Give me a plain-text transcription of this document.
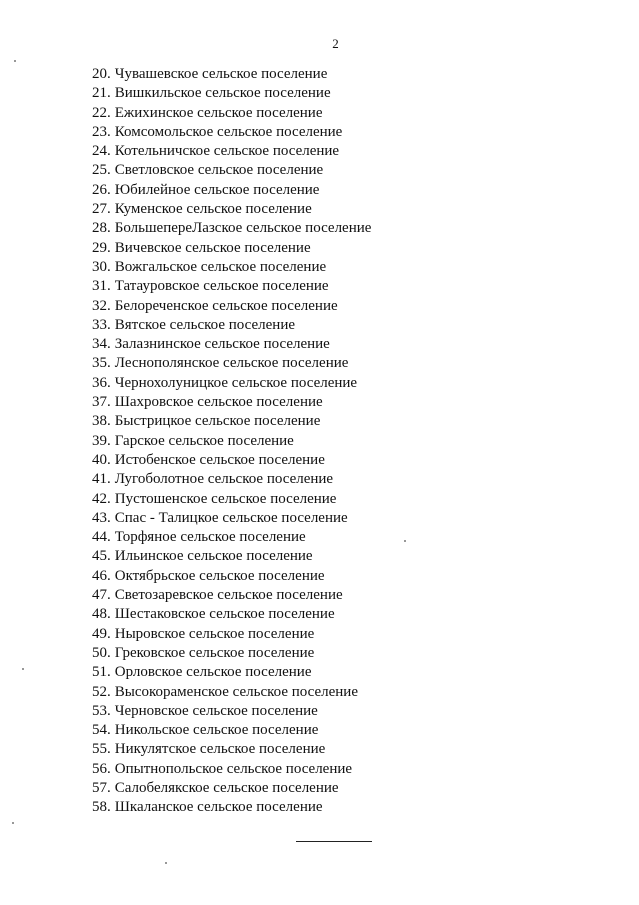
2
20. Чувашевское сельское поселение
21. Вишкильское сельское поселение
22. Ежихинское сельское поселение
23. Комсомольское сельское поселение
24. Котельничское сельское поселение
25. Светловское сельское поселение
26. Юбилейное сельское поселение
27. Куменское сельское поселение
28. БольшепереЛазское сельское поселение
29. Вичевское сельское поселение
30. Вожгальское сельское поселение
31. Татауровское сельское поселение
32. Белореченское сельское поселение
33. Вятское сельское поселение
34. Залазнинское сельское поселение
35. Леснополянское сельское поселение
36. Чернохолуницкое сельское поселение
37. Шахровское сельское поселение
38. Быстрицкое сельское поселение
39. Гарское сельское поселение
40. Истобенское сельское поселение
41. Лугоболотное сельское поселение
42. Пустошенское сельское поселение
43. Спас - Талицкое сельское поселение
44. Торфяное сельское поселение
45. Ильинское сельское поселение
46. Октябрьское сельское поселение
47. Светозаревское сельское поселение
48. Шестаковское сельское поселение
49. Ныровское сельское поселение
50. Грековское сельское поселение
51. Орловское сельское поселение
52. Высокораменское сельское поселение
53. Черновское сельское поселение
54. Никольское сельское поселение
55. Никулятское сельское поселение
56. Опытнопольское сельское поселение
57. Салобелякское сельское поселение
58. Шкаланское сельское поселение
